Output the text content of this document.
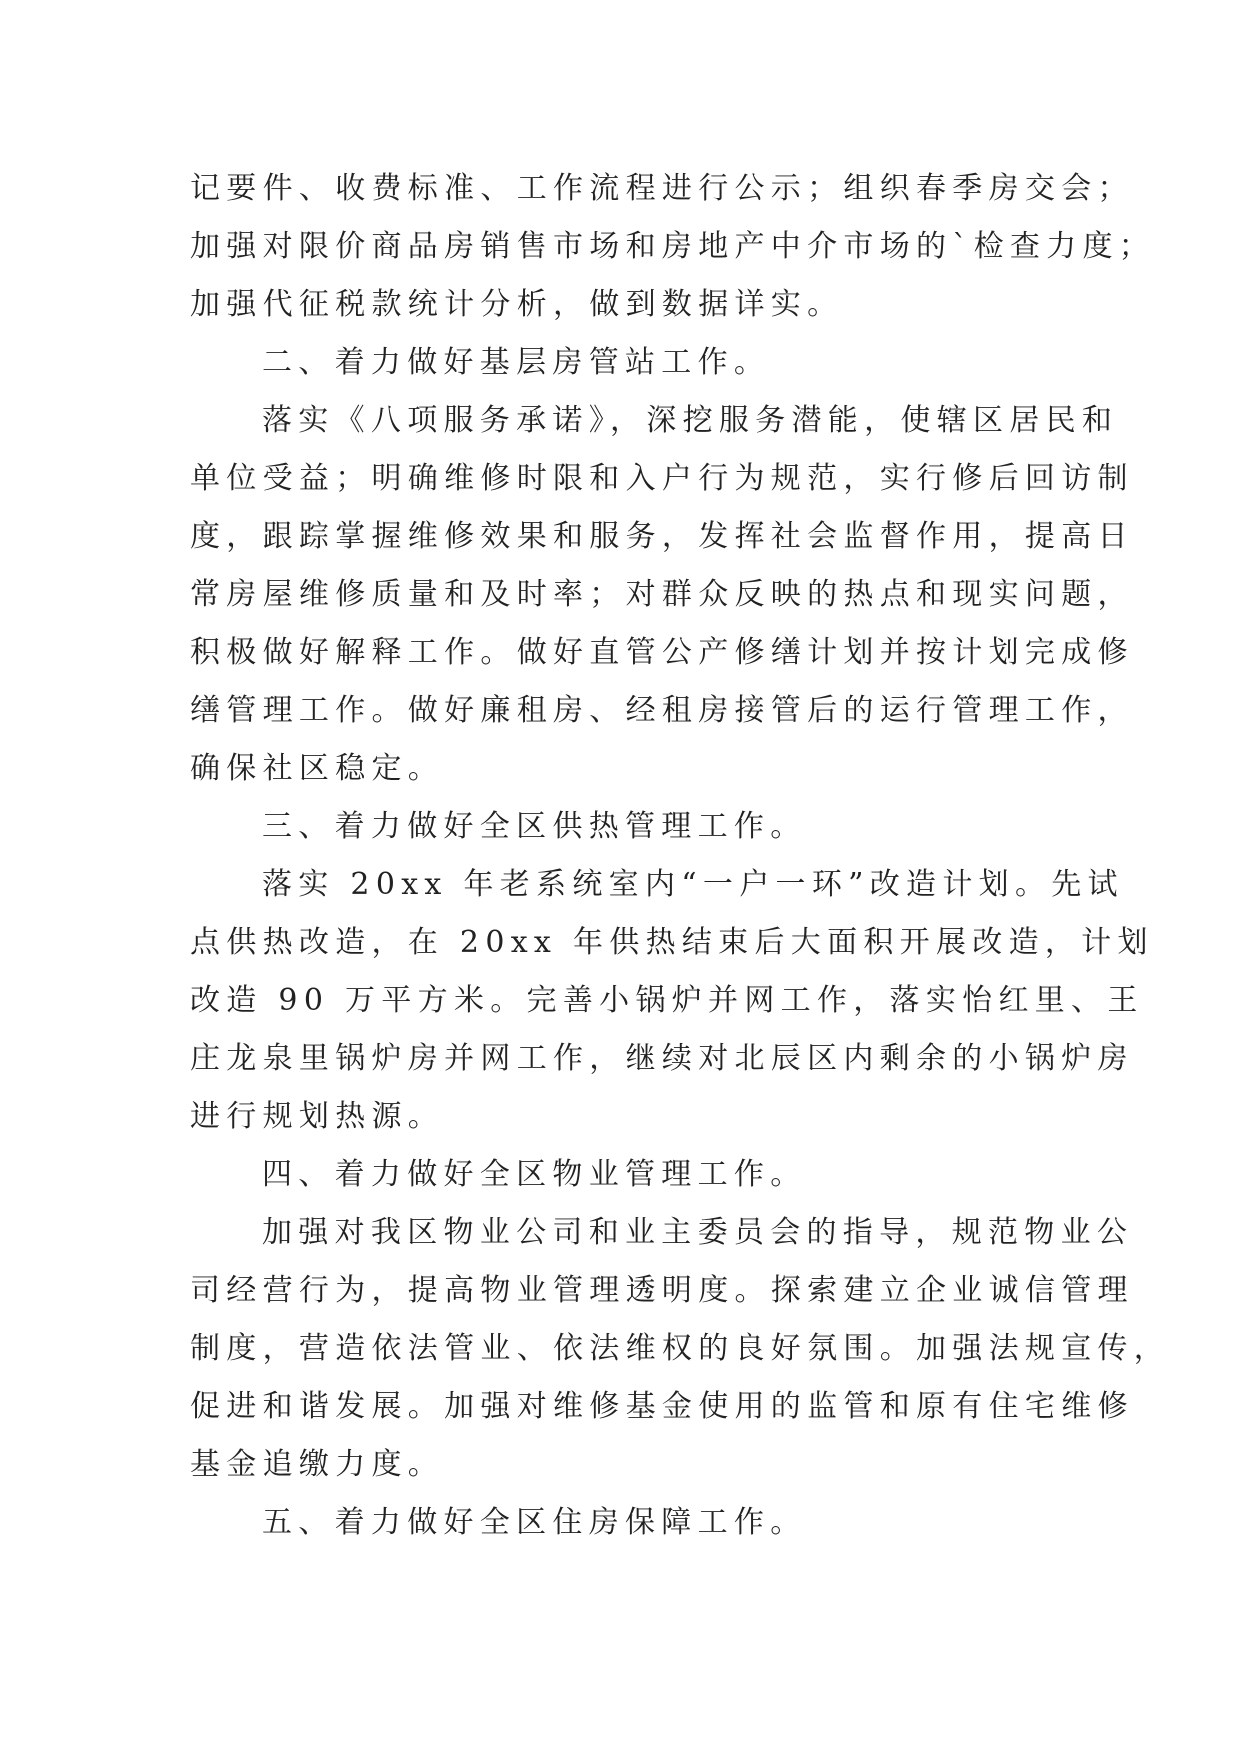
记要件、收费标准、工作流程进行公示；组织春季房交会；
加强对限价商品房销售市场和房地产中介市场的`检查力度；
加强代征税款统计分析，做到数据详实。
二、着力做好基层房管站工作。
落实《八项服务承诺》，深挖服务潜能，使辖区居民和
单位受益；明确维修时限和入户行为规范，实行修后回访制
度，跟踪掌握维修效果和服务，发挥社会监督作用，提高日
常房屋维修质量和及时率；对群众反映的热点和现实问题，
积极做好解释工作。做好直管公产修缮计划并按计划完成修
缮管理工作。做好廉租房、经租房接管后的运行管理工作，
确保社区稳定。
三、着力做好全区供热管理工作。
落实 20xx 年老系统室内“一户一环”改造计划。先试
点供热改造，在 20xx 年供热结束后大面积开展改造，计划
改造 90 万平方米。完善小锅炉并网工作，落实怡红里、王
庄龙泉里锅炉房并网工作，继续对北辰区内剩余的小锅炉房
进行规划热源。
四、着力做好全区物业管理工作。
加强对我区物业公司和业主委员会的指导，规范物业公
司经营行为，提高物业管理透明度。探索建立企业诚信管理
制度，营造依法管业、依法维权的良好氛围。加强法规宣传，
促进和谐发展。加强对维修基金使用的监管和原有住宅维修
基金追缴力度。
五、着力做好全区住房保障工作。
